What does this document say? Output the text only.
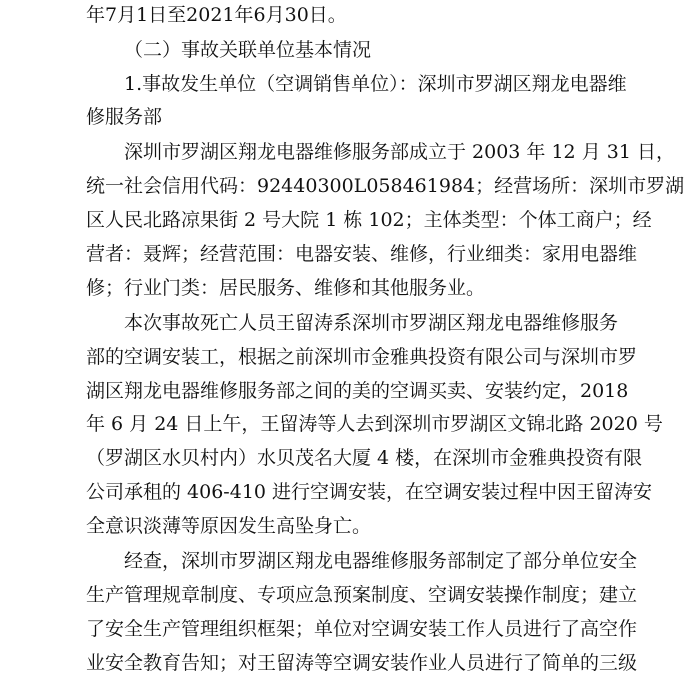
年7月1日至2021年6月30日。
（二）事故关联单位基本情况
1.事故发生单位（空调销售单位）：深圳市罗湖区翔龙电器维
修服务部
深圳市罗湖区翔龙电器维修服务部成立于 2003 年 12 月 31 日，
统一社会信用代码：92440300L058461984；经营场所：深圳市罗湖
区人民北路凉果街 2 号大院 1 栋 102；主体类型：个体工商户；经
营者：聂辉；经营范围：电器安装、维修，行业细类：家用电器维
修；行业门类：居民服务、维修和其他服务业。
本次事故死亡人员王留涛系深圳市罗湖区翔龙电器维修服务
部的空调安装工，根据之前深圳市金雅典投资有限公司与深圳市罗
湖区翔龙电器维修服务部之间的美的空调买卖、安装约定，2018
年 6 月 24 日上午，王留涛等人去到深圳市罗湖区文锦北路 2020 号
（罗湖区水贝村内）水贝茂名大厦 4 楼，在深圳市金雅典投资有限
公司承租的 406-410 进行空调安装，在空调安装过程中因王留涛安
全意识淡薄等原因发生高坠身亡。
经查，深圳市罗湖区翔龙电器维修服务部制定了部分单位安全
生产管理规章制度、专项应急预案制度、空调安装操作制度；建立
了安全生产管理组织框架；单位对空调安装工作人员进行了高空作
业安全教育告知；对王留涛等空调安装作业人员进行了简单的三级
